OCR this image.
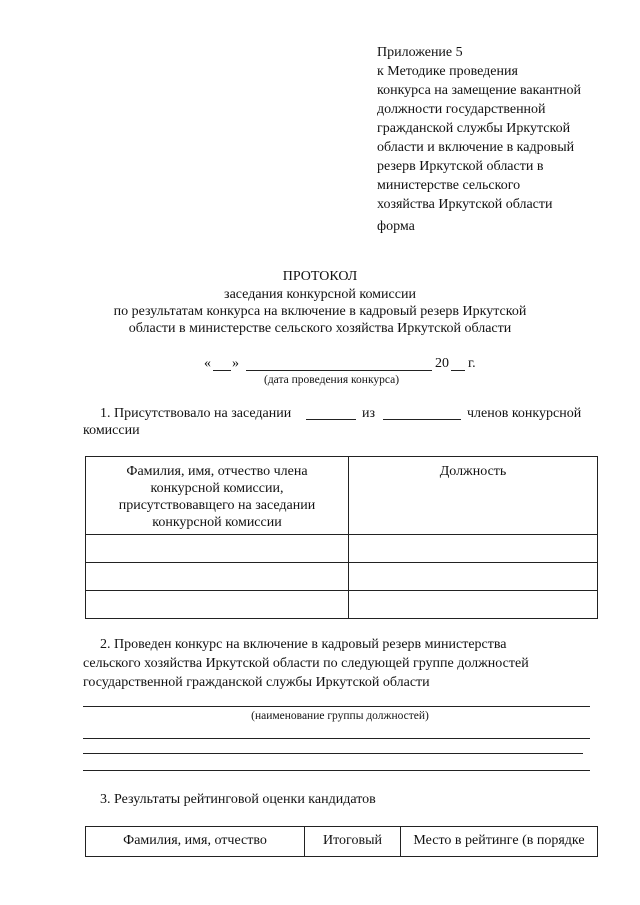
Приложение 5
к Методике проведения
конкурса на замещение вакантной
должности государственной
гражданской службы Иркутской
области и включение в кадровый
резерв Иркутской области в
министерстве сельского
хозяйства Иркутской области
форма
ПРОТОКОЛ
заседания конкурсной комиссии
по результатам конкурса на включение в кадровый резерв Иркутской
области в министерстве сельского хозяйства Иркутской области
« »	20 г.
(дата проведения конкурса)
1. Присутствовало на заседании	из	членов конкурсной
комиссии
Фамилия, имя, отчество члена
конкурсной комиссии,
присутствовавщего на заседании
конкурсной комиссии	Должность

2. Проведен конкурс на включение в кадровый резерв министерства
сельского хозяйства Иркутской области по следующей группе должностей
государственной гражданской службы Иркутской области
(наименование группы должностей)
3. Результаты рейтинговой оценки кандидатов
Фамилия, имя, отчество	Итоговый	Место в рейтинге (в порядке
